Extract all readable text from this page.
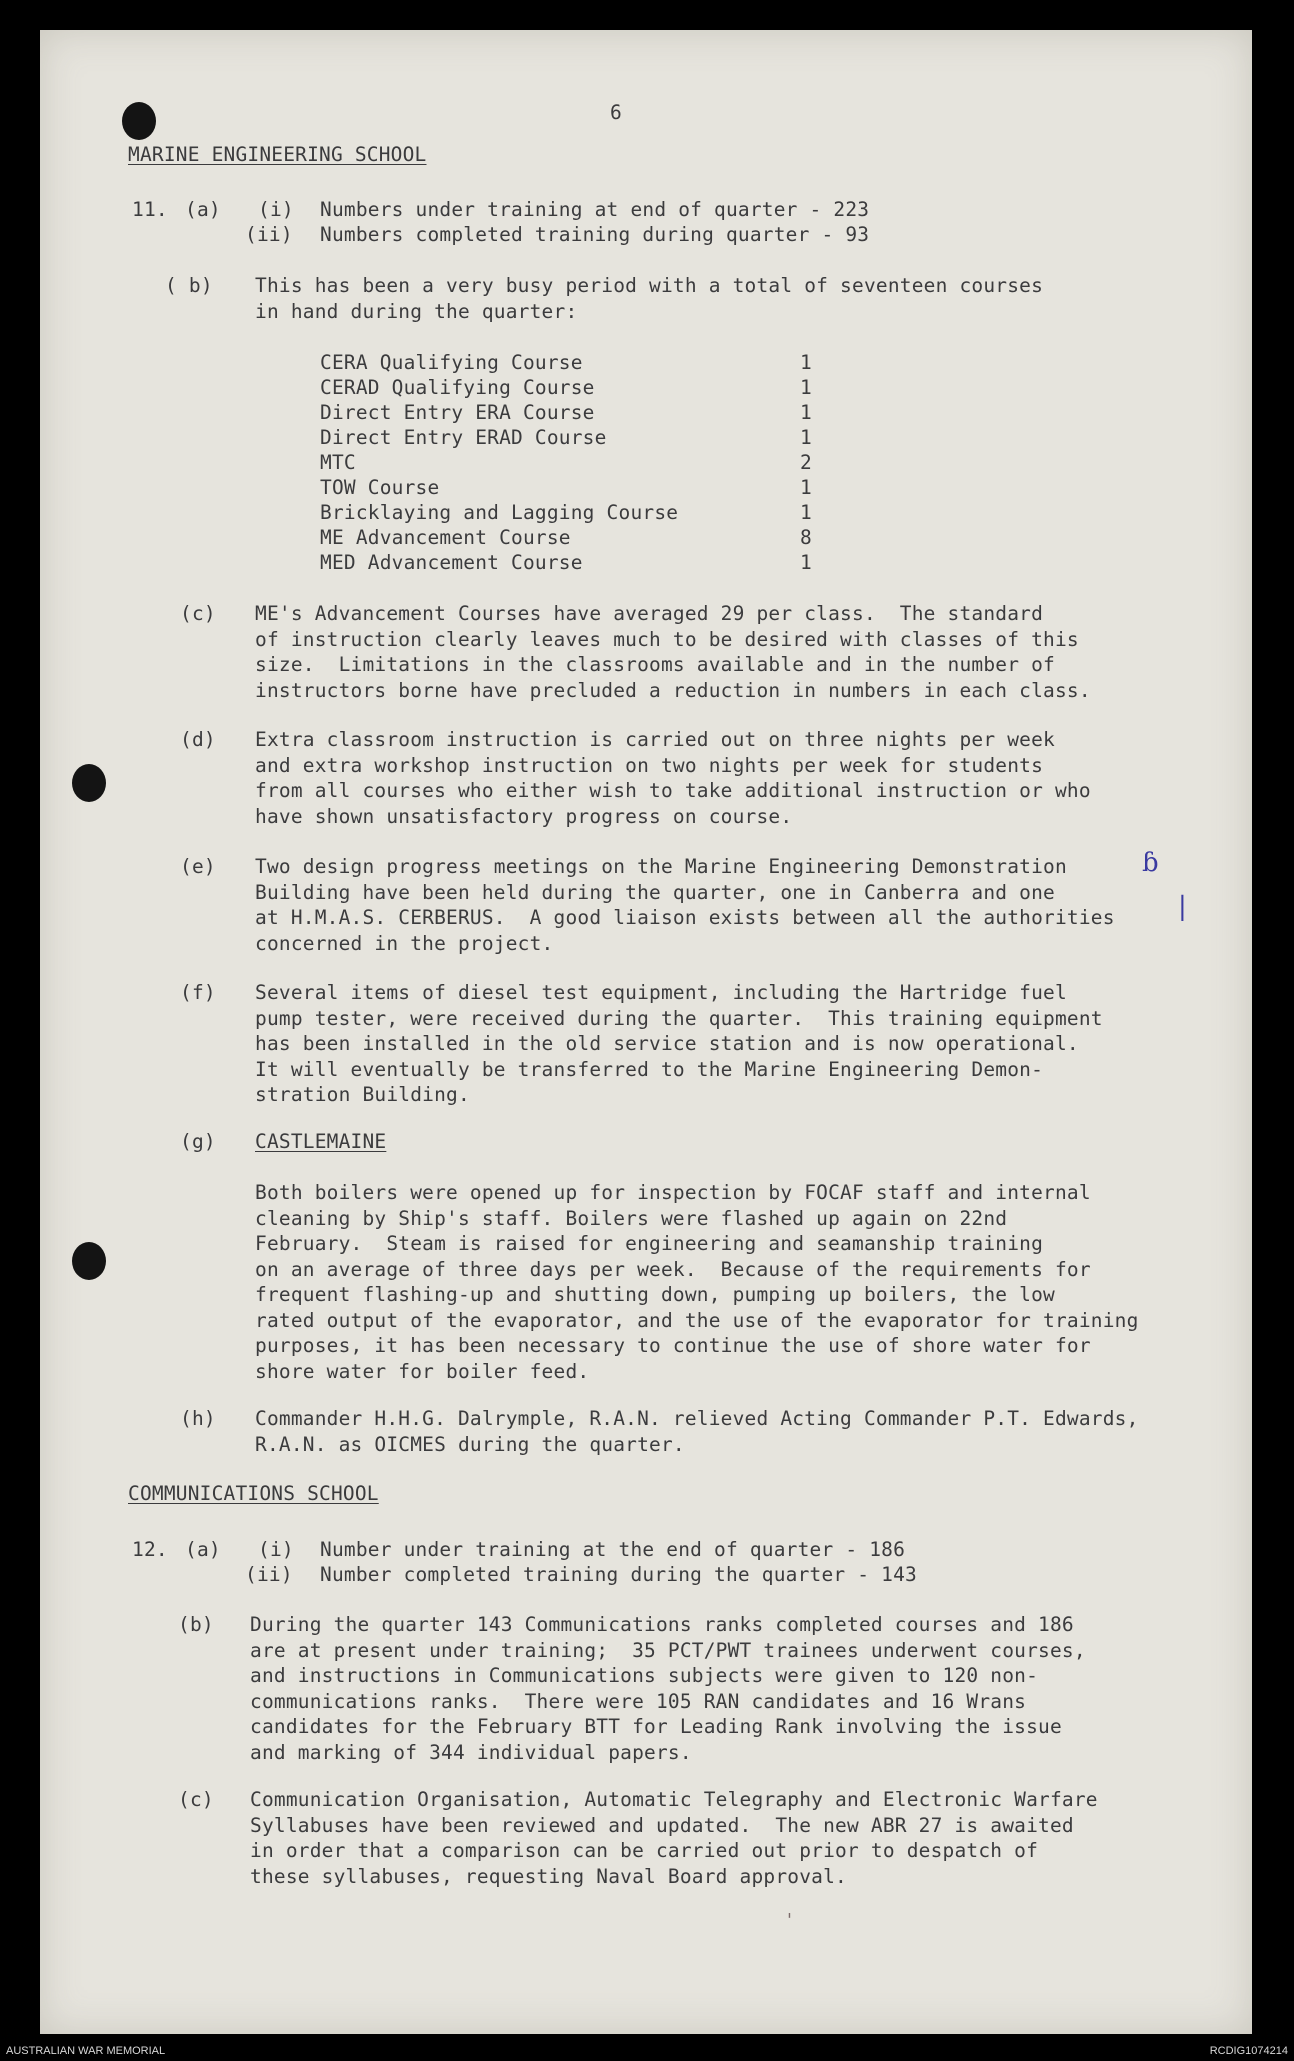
6
MARINE ENGINEERING SCHOOL
11. (a) (i) Numbers under training at end of quarter - 223
(ii) Numbers completed training during quarter - 93
( b) This has been a very busy period with a total of seventeen courses
in hand during the quarter:
CERA Qualifying Course	1
CERAD Qualifying Course	1
Direct Entry ERA Course	1
Direct Entry ERAD Course	1
MTC	2
TOW Course	1
Bricklaying and Lagging Course	1
ME Advancement Course	8
MED Advancement Course	1
(c) ME's Advancement Courses have averaged 29 per class.  The standard
of instruction clearly leaves much to be desired with classes of this
size.  Limitations in the classrooms available and in the number of
instructors borne have precluded a reduction in numbers in each class.
(d) Extra classroom instruction is carried out on three nights per week
and extra workshop instruction on two nights per week for students
from all courses who either wish to take additional instruction or who
have shown unsatisfactory progress on course.
(e) Two design progress meetings on the Marine Engineering Demonstration
Building have been held during the quarter, one in Canberra and one
at H.M.A.S. CERBERUS.  A good liaison exists between all the authorities
concerned in the project.
ɓ
|
(f) Several items of diesel test equipment, including the Hartridge fuel
pump tester, were received during the quarter.  This training equipment
has been installed in the old service station and is now operational.
It will eventually be transferred to the Marine Engineering Demon-
stration Building.
(g) CASTLEMAINE
Both boilers were opened up for inspection by FOCAF staff and internal
cleaning by Ship's staff. Boilers were flashed up again on 22nd
February.  Steam is raised for engineering and seamanship training
on an average of three days per week.  Because of the requirements for
frequent flashing-up and shutting down, pumping up boilers, the low
rated output of the evaporator, and the use of the evaporator for training
purposes, it has been necessary to continue the use of shore water for
shore water for boiler feed.
(h) Commander H.H.G. Dalrymple, R.A.N. relieved Acting Commander P.T. Edwards,
R.A.N. as OICMES during the quarter.
COMMUNICATIONS SCHOOL
12. (a) (i) Number under training at the end of quarter - 186
(ii) Number completed training during the quarter - 143
(b) During the quarter 143 Communications ranks completed courses and 186
are at present under training;  35 PCT/PWT trainees underwent courses,
and instructions in Communications subjects were given to 120 non-
communications ranks.  There were 105 RAN candidates and 16 Wrans
candidates for the February BTT for Leading Rank involving the issue
and marking of 344 individual papers.
(c) Communication Organisation, Automatic Telegraphy and Electronic Warfare
Syllabuses have been reviewed and updated.  The new ABR 27 is awaited
in order that a comparison can be carried out prior to despatch of
these syllabuses, requesting Naval Board approval.
'
AUSTRALIAN WAR MEMORIAL	RCDIG1074214
